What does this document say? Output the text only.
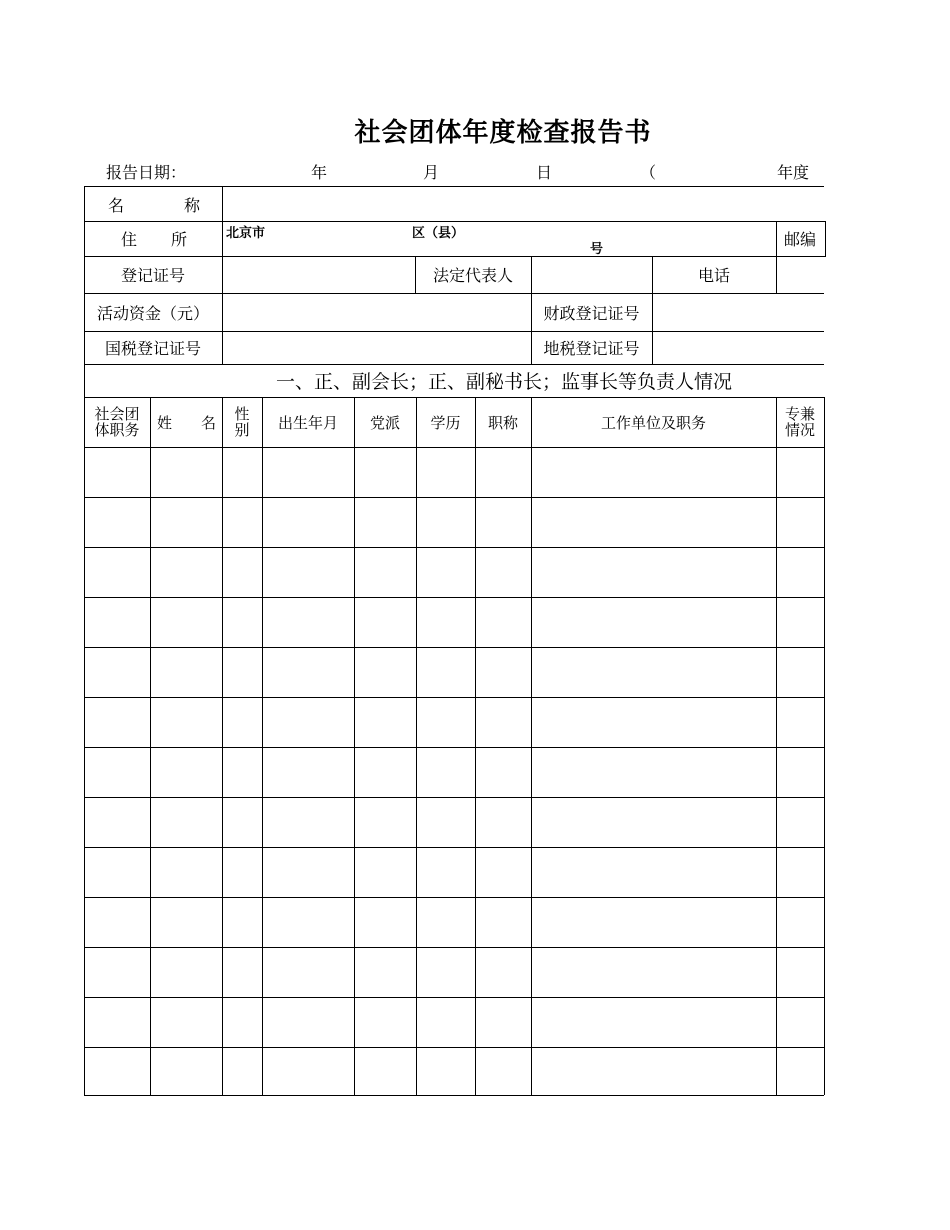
社会团体年度检查报告书
报告日期：	年	月	日	（	年度
名	称
住 所	北京市	区（县）
号	邮编
登记证号	法定代表人	电话
活动资金（元）	财政登记证号
国税登记证号	地税登记证号
一、正、副会长；正、副秘书长；监事长等负责人情况
社会团体职务	姓 名	性别	出生年月	党派	学历	职称	工作单位及职务	专兼情况
